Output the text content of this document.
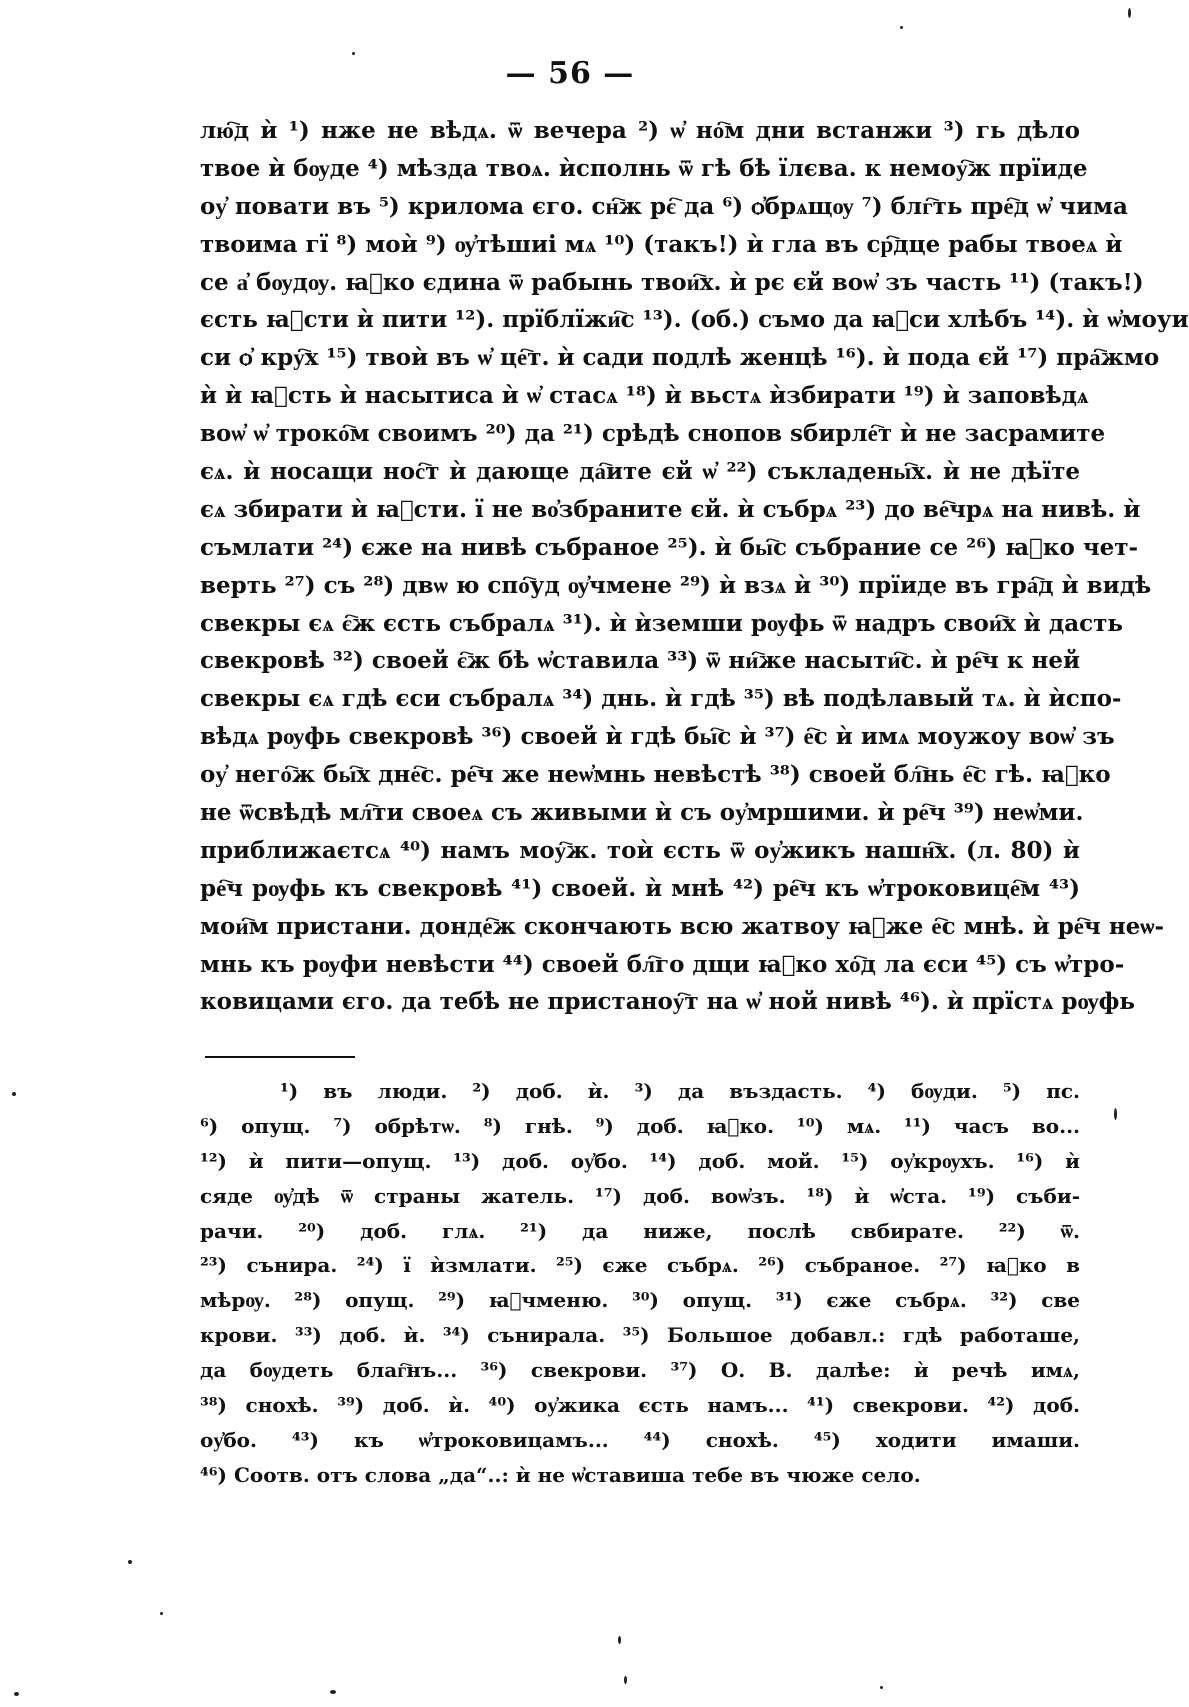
— 56 —
лю҇д ѝ ¹) нже не вѣдѧ. ѿ вечера ²) ѡ҆ но҇м дни встанжи ³) гь дѣло
твое ѝ бѹде ⁴) мѣзда твоѧ. ѝсполнь ѿ гѣ бѣ їлєва. к немоу҇ж прїиде
оу҆ повати въ ⁵) крилома єго. сн҇ж рє҇ да ⁶) ѻ҆брѧщѹ ⁷) блг҇ть пре҇д ѡ҆ чима
твоима гї ⁸) моѝ ⁹) ѹ҆тѣшиі мѧ ¹⁰) (такъ!) ѝ гла въ ср҇дце рабы твоеѧ ѝ
се а҆ бѹдѹ. ꙗ҆ко єдина ѿ рабынь твои҇х. ѝ рє єй воѡ҆ зъ часть ¹¹) (такъ!)
єсть ꙗ҆сти ѝ пити ¹²). прїблїжи҇с ¹³). (об.) съмо да ꙗ҆си хлѣбъ ¹⁴). ѝ ѡ҆моуи
си ѻ҆ кру҇х ¹⁵) твоѝ въ ѡ҆ це҇т. ѝ сади подлѣ женцѣ ¹⁶). ѝ пода єй ¹⁷) пра҇жмо
ѝ ѝ ꙗ҆сть ѝ насытиса ѝ ѡ҆ стасѧ ¹⁸) ѝ вьстѧ ѝзбирати ¹⁹) ѝ заповѣдѧ
воѡ҆ ѡ҆ троко҇м своимъ ²⁰) да ²¹) срѣдѣ снопов ѕбирле҇т ѝ не засрамите
єѧ. ѝ носащи нос҇т ѝ дающе да҇ите єй ѡ҆ ²²) съкладены҇х. ѝ не дѣїте
єѧ збирати ѝ ꙗ҆сти. ї не во҆збраните єй. ѝ събрѧ ²³) до ве҇чрѧ на нивѣ. ѝ
съмлати ²⁴) єже на нивѣ събраное ²⁵). ѝ бы҇с събрание се ²⁶) ꙗ҆ко чет-
верть ²⁷) съ ²⁸) двѡ ю спо҇уд ѹ҆чмене ²⁹) ѝ взѧ ѝ ³⁰) прїиде въ гра҇д ѝ видѣ
свекры єѧ є҇ж єсть събралѧ ³¹). ѝ ѝземши рѹфь ѿ надръ свои҇х ѝ дасть
свекровѣ ³²) своей є҇ж бѣ ѡ҆ставила ³³) ѿ ни҇же насыти҇с. ѝ ре҇ч к ней
свекры єѧ гдѣ єси събралѧ ³⁴) днь. ѝ гдѣ ³⁵) вѣ подѣлавый тѧ. ѝ ѝспо-
вѣдѧ рѹфь свекровѣ ³⁶) своей ѝ гдѣ бы҇с ѝ ³⁷) е҇с ѝ имѧ моужоу воѡ҆ зъ
оу҆ него҇ж бы҇х дне҇с. ре҇ч же неѡ҆мнь невѣстѣ ³⁸) своей бл҇нь е҇с гѣ. ꙗ҆ко
не ѿсвѣдѣ мл҇ти своеѧ съ живыми ѝ съ оу҆мршими. ѝ ре҇ч ³⁹) неѡ҆ми.
приближаєтсѧ ⁴⁰) намъ моу҇ж. тоѝ єсть ѿ оу҆жикъ нашн҇х. (л. 80) ѝ
ре҇ч рѹфь къ свекровѣ ⁴¹) своей. ѝ мнѣ ⁴²) ре҇ч къ ѡ҆троковице҇м ⁴³)
мои҇м пристани. донде҇ж скончають всю жатвоу ꙗ҆же е҇с мнѣ. ѝ ре҇ч неѡ-
мнь къ рѹфи невѣсти ⁴⁴) своей бл҇го дщи ꙗ҆ко хо҇д ла єси ⁴⁵) съ ѡ҆тро-
ковицами єго. да тебѣ не пристаноу҇т на ѡ҆ ной нивѣ ⁴⁶). ѝ прїстѧ рѹфь
¹) въ люди. ²) доб. ѝ. ³) да въздасть. ⁴) бѹди. ⁵) пс.
⁶) опущ. ⁷) обрѣтѡ. ⁸) гнѣ. ⁹) доб. ꙗ҆ко. ¹⁰) мѧ. ¹¹) часъ во...
¹²) ѝ пити—опущ. ¹³) доб. оу҆бо. ¹⁴) доб. мой. ¹⁵) оу҆крѹхъ. ¹⁶) ѝ
сяде ѹ҆дѣ ѿ страны жатель. ¹⁷) доб. воѡ҆зъ. ¹⁸) ѝ ѡ҆ста. ¹⁹) съби-
рачи. ²⁰) доб. глѧ. ²¹) да ниже, послѣ свбирате. ²²) ѿ.
²³) сънира. ²⁴) ї ѝзмлати. ²⁵) єже събрѧ. ²⁶) събраное. ²⁷) ꙗ҆ко в
мѣрѹ. ²⁸) опущ. ²⁹) ꙗ҆чменю. ³⁰) опущ. ³¹) єже събрѧ. ³²) све
крови. ³³) доб. ѝ. ³⁴) сънирала. ³⁵) Большое добавл.: гдѣ работаше,
да бѹдеть благ҇нъ... ³⁶) свекрови. ³⁷) О. В. далѣе: ѝ речѣ имѧ,
³⁸) снохѣ. ³⁹) доб. ѝ. ⁴⁰) оу҆жика єсть намъ... ⁴¹) свекрови. ⁴²) доб.
оу҆бо. ⁴³) къ ѡ҆троковицамъ... ⁴⁴) снохѣ. ⁴⁵) ходити имаши.
⁴⁶) Соотв. отъ слова „да“..: ѝ не ѡ҆ставиша тебе въ чюже село.
